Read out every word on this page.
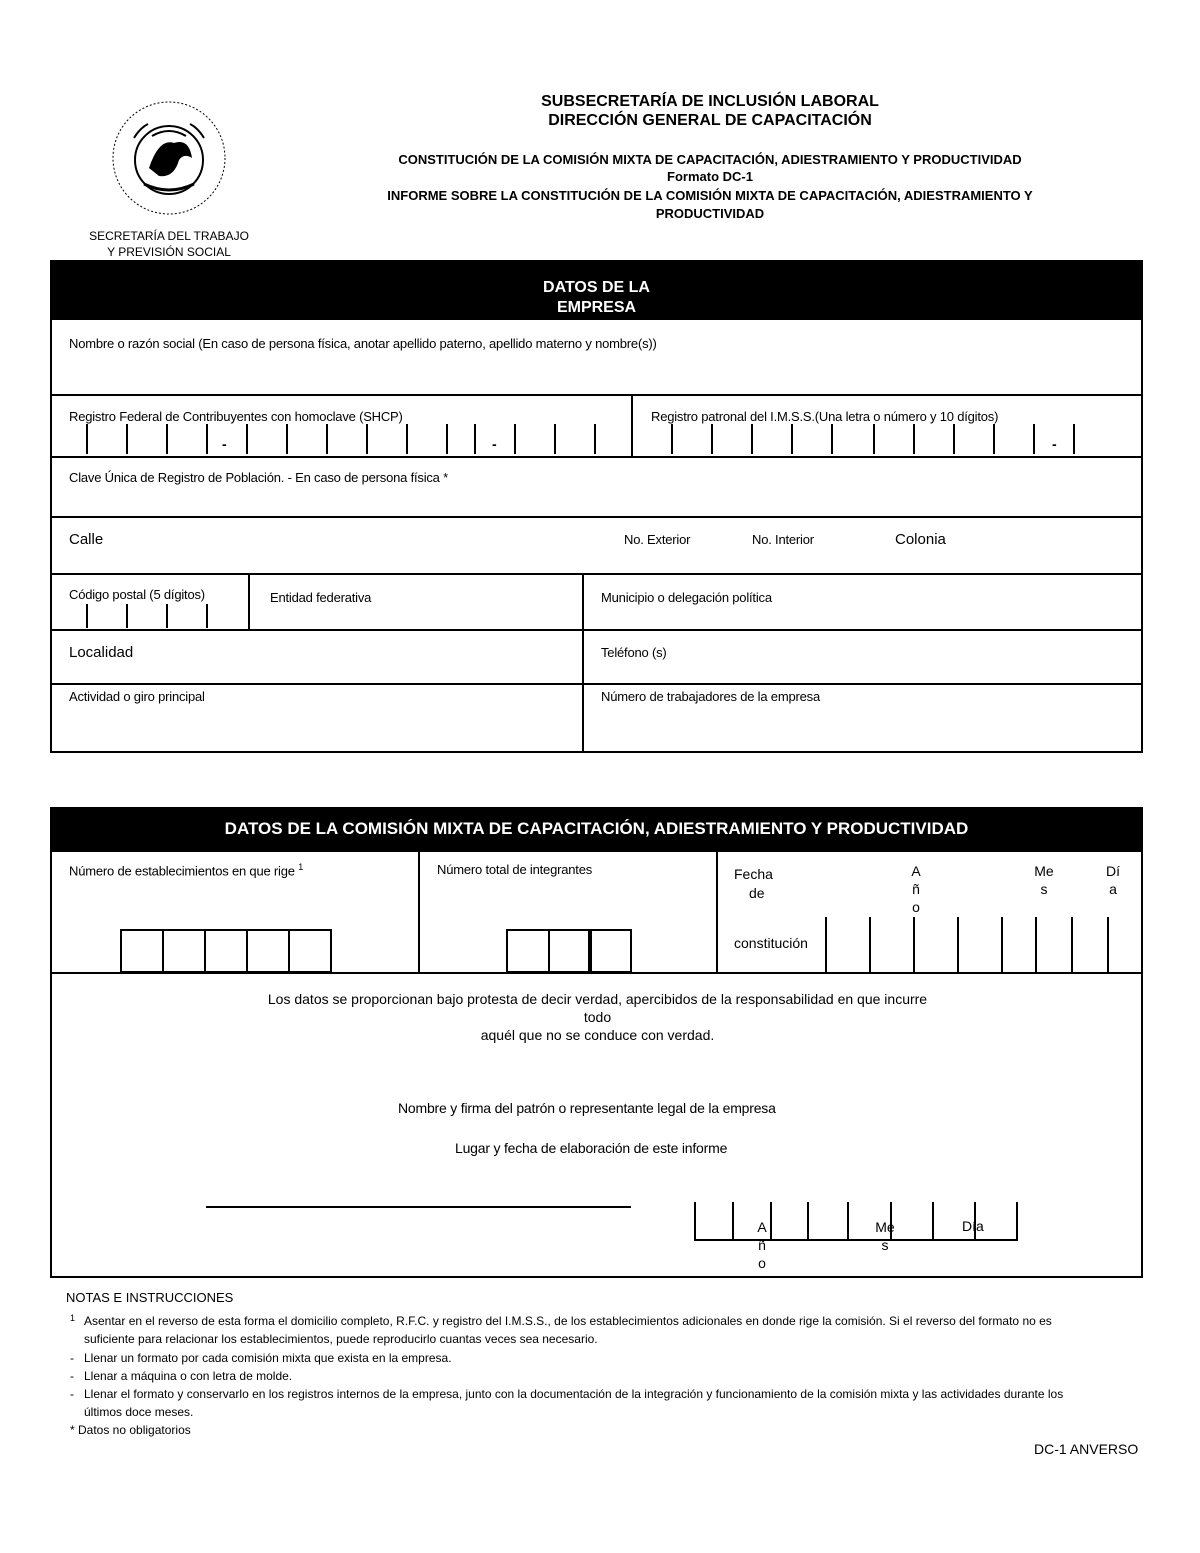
SECRETARÍA DEL TRABAJO
Y PREVISIÓN SOCIAL
SUBSECRETARÍA DE INCLUSIÓN LABORAL
DIRECCIÓN GENERAL DE CAPACITACIÓN
CONSTITUCIÓN DE LA COMISIÓN MIXTA DE CAPACITACIÓN, ADIESTRAMIENTO Y PRODUCTIVIDAD
Formato DC-1
INFORME SOBRE LA CONSTITUCIÓN DE LA COMISIÓN MIXTA DE CAPACITACIÓN, ADIESTRAMIENTO Y
PRODUCTIVIDAD
DATOS DE LA
EMPRESA
Nombre o razón social (En caso de persona física, anotar apellido paterno, apellido materno y nombre(s))
Registro Federal de Contribuyentes con homoclave (SHCP)
-	-
Registro patronal del I.M.S.S.(Una letra o número y 10 dígitos)
-
Clave Única de Registro de Población. - En caso de persona física *
Calle	No. Exterior	No. Interior	Colonia
Código postal (5 dígitos)	Entidad federativa	Municipio o delegación política
Localidad	Teléfono (s)
Actividad o giro principal	Número de trabajadores de la empresa
DATOS DE LA COMISIÓN MIXTA DE CAPACITACIÓN, ADIESTRAMIENTO Y PRODUCTIVIDAD
Número de establecimientos en que rige $^1$	Número total de integrantes	Fecha
de
constitución
Año
Mes
Día
Los datos se proporcionan bajo protesta de decir verdad, apercibidos de la responsabilidad en que incurre
todo
aquél que no se conduce con verdad.
Nombre y firma del patrón o representante legal de la empresa
Lugar y fecha de elaboración de este informe
Año
Mes
Día
NOTAS E INSTRUCCIONES
1 Asentar en el reverso de esta forma el domicilio completo, R.F.C. y registro del I.M.S.S., de los establecimientos adicionales en donde rige la comisión. Si el reverso del formato no es
suficiente para relacionar los establecimientos, puede reproducirlo cuantas veces sea necesario.
- Llenar un formato por cada comisión mixta que exista en la empresa.
- Llenar a máquina o con letra de molde.
- Llenar el formato y conservarlo en los registros internos de la empresa, junto con la documentación de la integración y funcionamiento de la comisión mixta y las actividades durante los
últimos doce meses.
* Datos no obligatorios
DC-1 ANVERSO
